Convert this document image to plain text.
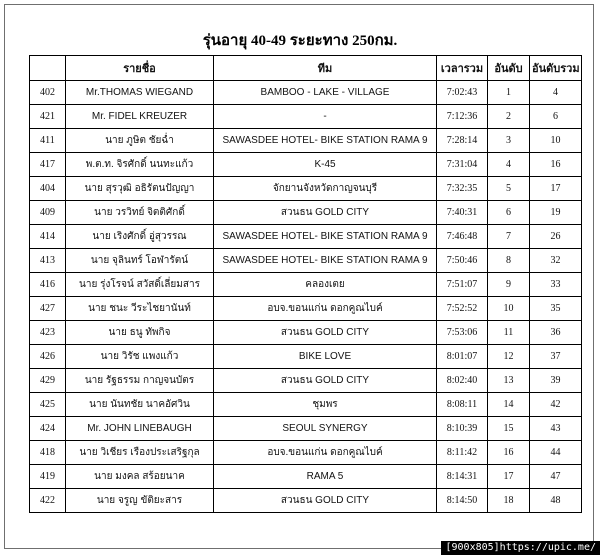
รุ่นอายุ 40-49 ระยะทาง 250กม.
	รายชื่อ	ทีม	เวลารวม	อันดับ	อันดับรวม
402	Mr.THOMAS WIEGAND	BAMBOO - LAKE - VILLAGE	7:02:43	1	4
421	Mr. FIDEL KREUZER	-	7:12:36	2	6
411	นาย ภูษิต ชัยฉ่ำ	SAWASDEE HOTEL- BIKE STATION RAMA 9	7:28:14	3	10
417	พ.ต.ท. จิรศักดิ์ นนทะแก้ว	K-45	7:31:04	4	16
404	นาย สุรวุฒิ อธิรัตนปัญญา	จักยานจังหวัดกาญจนบุรี	7:32:35	5	17
409	นาย วรวิทย์ จิตติศักดิ์	สวนธน GOLD CITY	7:40:31	6	19
414	นาย เริงศักดิ์ อู่สุวรรณ	SAWASDEE HOTEL- BIKE STATION RAMA 9	7:46:48	7	26
413	นาย จุลินทร์ โอฬารัตน์	SAWASDEE HOTEL- BIKE STATION RAMA 9	7:50:46	8	32
416	นาย รุ่งโรจน์ สวัสดิ์เลี่ยมสาร	คลองเตย	7:51:07	9	33
427	นาย ชนะ วีระไชยานันท์	อบจ.ขอนแก่น ดอกคูณไบค์	7:52:52	10	35
423	นาย ธนู ทัพกิจ	สวนธน GOLD CITY	7:53:06	11	36
426	นาย วิรัช แพงแก้ว	BIKE LOVE	8:01:07	12	37
429	นาย รัฐธรรม กาญจนบัตร	สวนธน GOLD CITY	8:02:40	13	39
425	นาย นันทชัย นาคอัศวิน	ชุมพร	8:08:11	14	42
424	Mr. JOHN LINEBAUGH	SEOUL SYNERGY	8:10:39	15	43
418	นาย วิเชียร เรืองประเสริฐกุล	อบจ.ขอนแก่น ดอกคูณไบค์	8:11:42	16	44
419	นาย มงคล สร้อยนาค	RAMA 5	8:14:31	17	47
422	นาย จรูญ ขัติยะสาร	สวนธน GOLD CITY	8:14:50	18	48
[900x805]https://upic.me/
